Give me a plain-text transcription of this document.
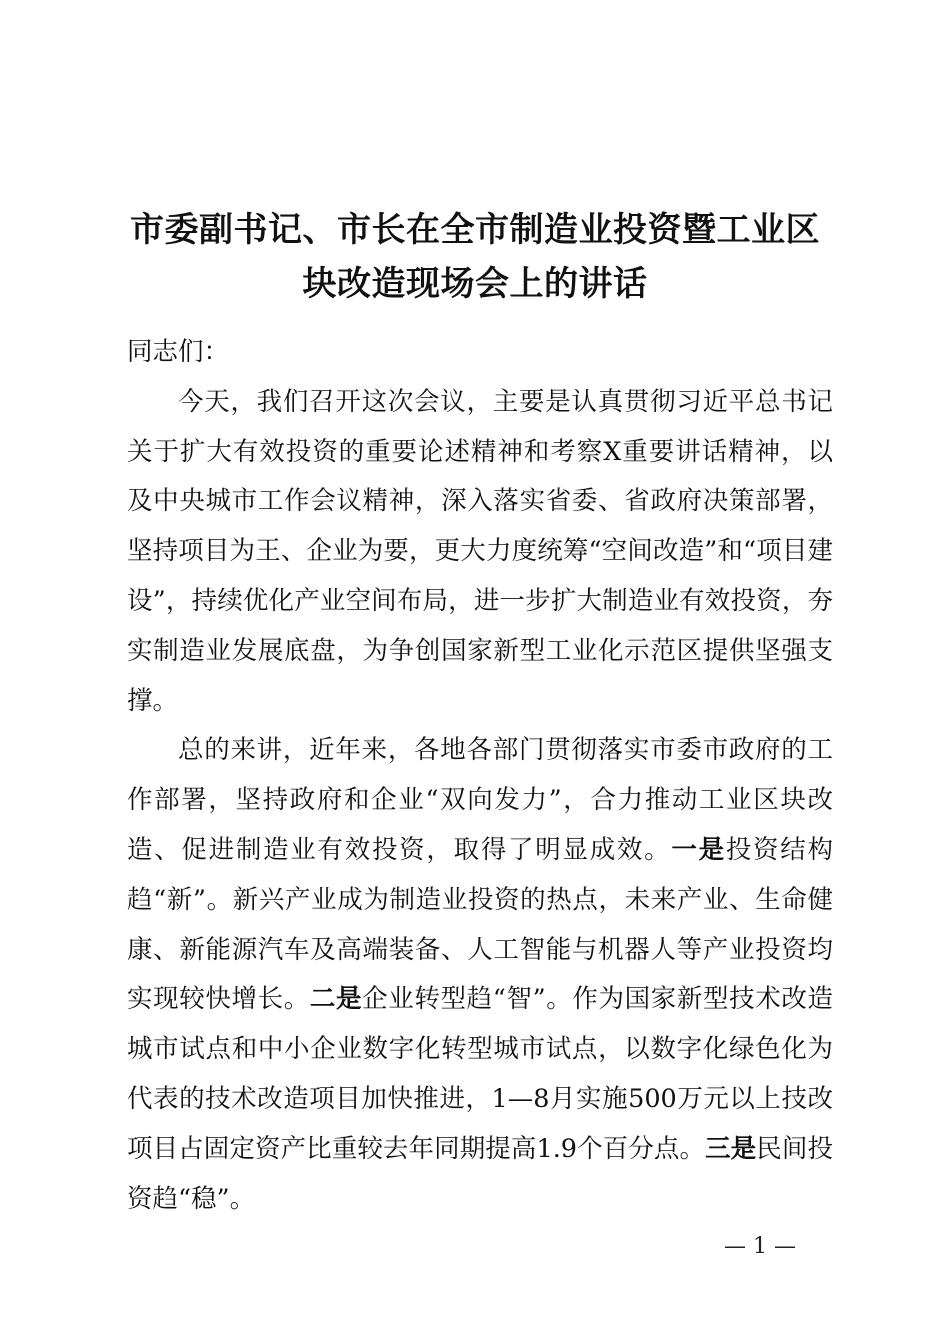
市委副书记、市长在全市制造业投资暨工业区
块改造现场会上的讲话

同志们：

今天，我们召开这次会议，主要是认真贯彻习近平总书记关于扩大有效投资的重要论述精神和考察X重要讲话精神，以及中央城市工作会议精神，深入落实省委、省政府决策部署，坚持项目为王、企业为要，更大力度统筹“空间改造”和“项目建设”，持续优化产业空间布局，进一步扩大制造业有效投资，夯实制造业发展底盘，为争创国家新型工业化示范区提供坚强支撑。

总的来讲，近年来，各地各部门贯彻落实市委市政府的工作部署，坚持政府和企业“双向发力”，合力推动工业区块改造、促进制造业有效投资，取得了明显成效。一是投资结构趋“新”。新兴产业成为制造业投资的热点，未来产业、生命健康、新能源汽车及高端装备、人工智能与机器人等产业投资均实现较快增长。二是企业转型趋“智”。作为国家新型技术改造城市试点和中小企业数字化转型城市试点，以数字化绿色化为代表的技术改造项目加快推进，1—8月实施500万元以上技改项目占固定资产比重较去年同期提高1.9个百分点。三是民间投资趋“稳”。

— 1 —
